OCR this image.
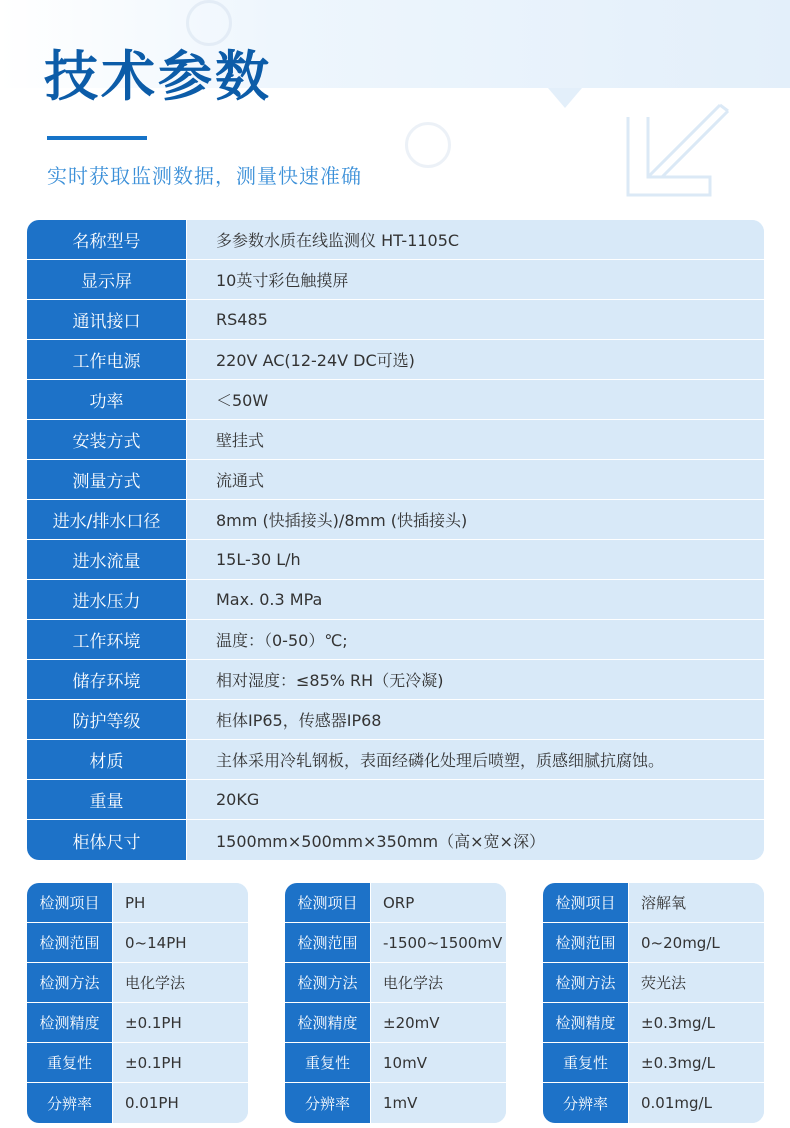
技术参数
实时获取监测数据，测量快速准确
名称型号	多参数水质在线监测仪 HT-1105C
显示屏	10英寸彩色触摸屏
通讯接口	RS485
工作电源	220V AC(12-24V DC可选)
功率	＜50W
安装方式	壁挂式
测量方式	流通式
进水/排水口径	8mm (快插接头)/8mm (快插接头)
进水流量	15L-30 L/h
进水压力	Max. 0.3 MPa
工作环境	温度：（0-50）℃;
储存环境	相对湿度：≤85% RH（无冷凝)
防护等级	柜体IP65，传感器IP68
材质	主体采用冷轧钢板，表面经磷化处理后喷塑，质感细腻抗腐蚀。
重量	20KG
柜体尺寸	1500mm×500mm×350mm（高×宽×深）
检测项目	PH
检测范围	0~14PH
检测方法	电化学法
检测精度	±0.1PH
重复性	±0.1PH
分辨率	0.01PH
检测项目	ORP
检测范围	-1500~1500mV
检测方法	电化学法
检测精度	±20mV
重复性	10mV
分辨率	1mV
检测项目	溶解氧
检测范围	0~20mg/L
检测方法	荧光法
检测精度	±0.3mg/L
重复性	±0.3mg/L
分辨率	0.01mg/L
